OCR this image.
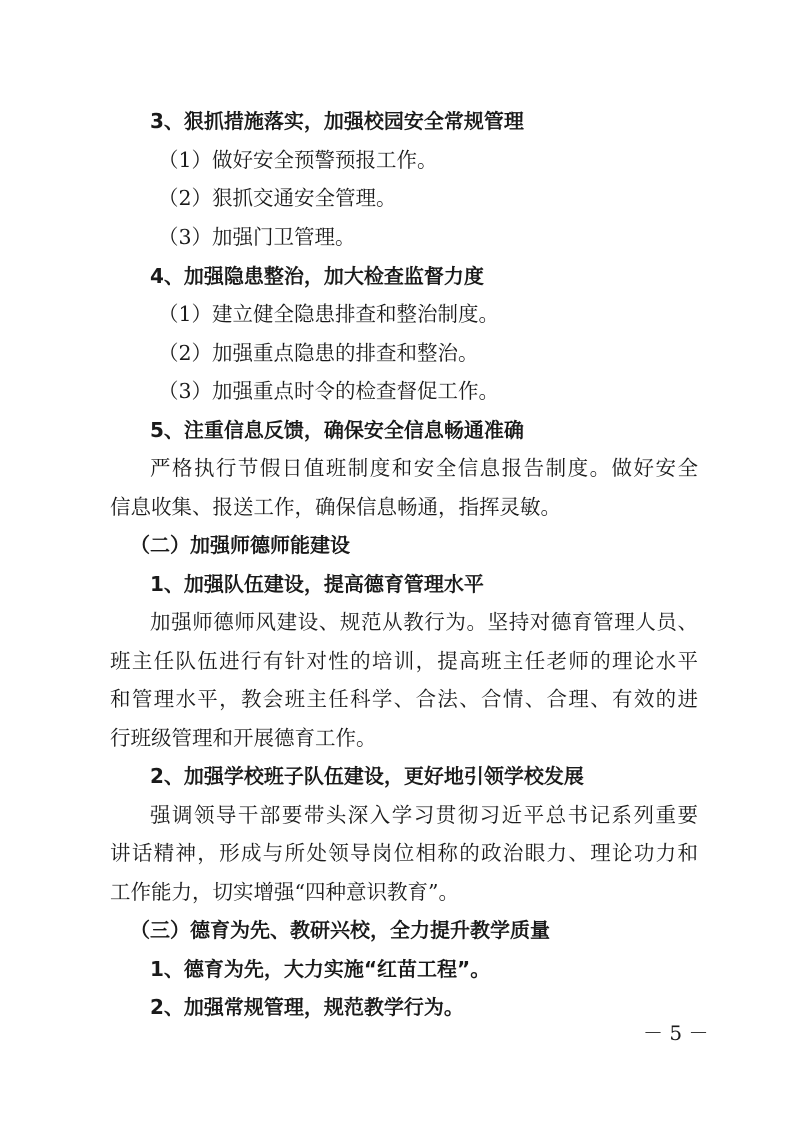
3、狠抓措施落实，加强校园安全常规管理
（1）做好安全预警预报工作。
（2）狠抓交通安全管理。
（3）加强门卫管理。
4、加强隐患整治，加大检查监督力度
（1）建立健全隐患排查和整治制度。
（2）加强重点隐患的排查和整治。
（3）加强重点时令的检查督促工作。
5、注重信息反馈，确保安全信息畅通准确
严格执行节假日值班制度和安全信息报告制度。做好安全
信息收集、报送工作，确保信息畅通，指挥灵敏。
（二）加强师德师能建设
1、加强队伍建设，提高德育管理水平
加强师德师风建设、规范从教行为。坚持对德育管理人员、
班主任队伍进行有针对性的培训，提高班主任老师的理论水平
和管理水平，教会班主任科学、合法、合情、合理、有效的进
行班级管理和开展德育工作。
2、加强学校班子队伍建设，更好地引领学校发展
强调领导干部要带头深入学习贯彻习近平总书记系列重要
讲话精神，形成与所处领导岗位相称的政治眼力、理论功力和
工作能力，切实增强“四种意识教育”。
（三）德育为先、教研兴校，全力提升教学质量
1、德育为先，大力实施“红苗工程”。
2、加强常规管理，规范教学行为。
－ 5 －
